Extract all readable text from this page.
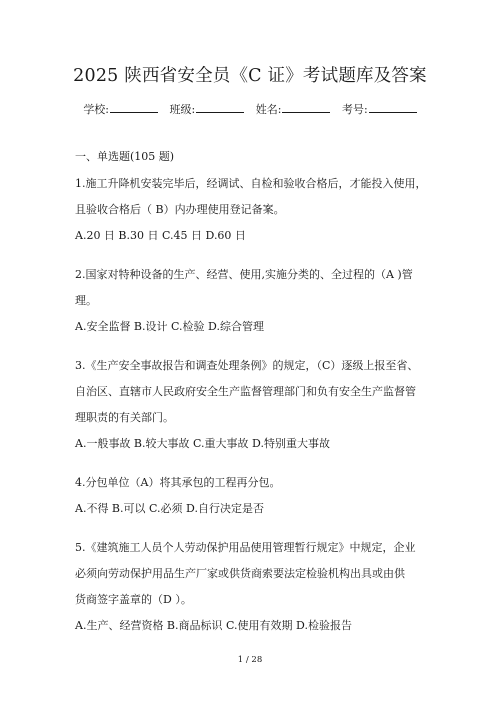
2025 陕西省安全员《C 证》考试题库及答案
学校:	班级:	姓名:	考号:
一、单选题(105 题)
1.施工升降机安装完毕后，经调试、自检和验收合格后，才能投入使用，
且验收合格后（ B）内办理使用登记备案。
A.20 日 B.30 日 C.45 日 D.60 日
2.国家对特种设备的生产、经营、使用,实施分类的、全过程的（A )管
理。
A.安全监督 B.设计 C.检验 D.综合管理
3.《生产安全事故报告和调查处理条例》的规定，（C）逐级上报至省、
自治区、直辖市人民政府安全生产监督管理部门和负有安全生产监督管
理职责的有关部门。
A.一般事故 B.较大事故 C.重大事故 D.特别重大事故
4.分包单位（A）将其承包的工程再分包。
A.不得 B.可以 C.必须 D.自行决定是否
5.《建筑施工人员个人劳动保护用品使用管理暂行规定》中规定，企业
必须向劳动保护用品生产厂家或供货商索要法定检验机构出具或由供
货商签字盖章的（D ）。
A.生产、经营资格 B.商品标识 C.使用有效期 D.检验报告
1 / 28
